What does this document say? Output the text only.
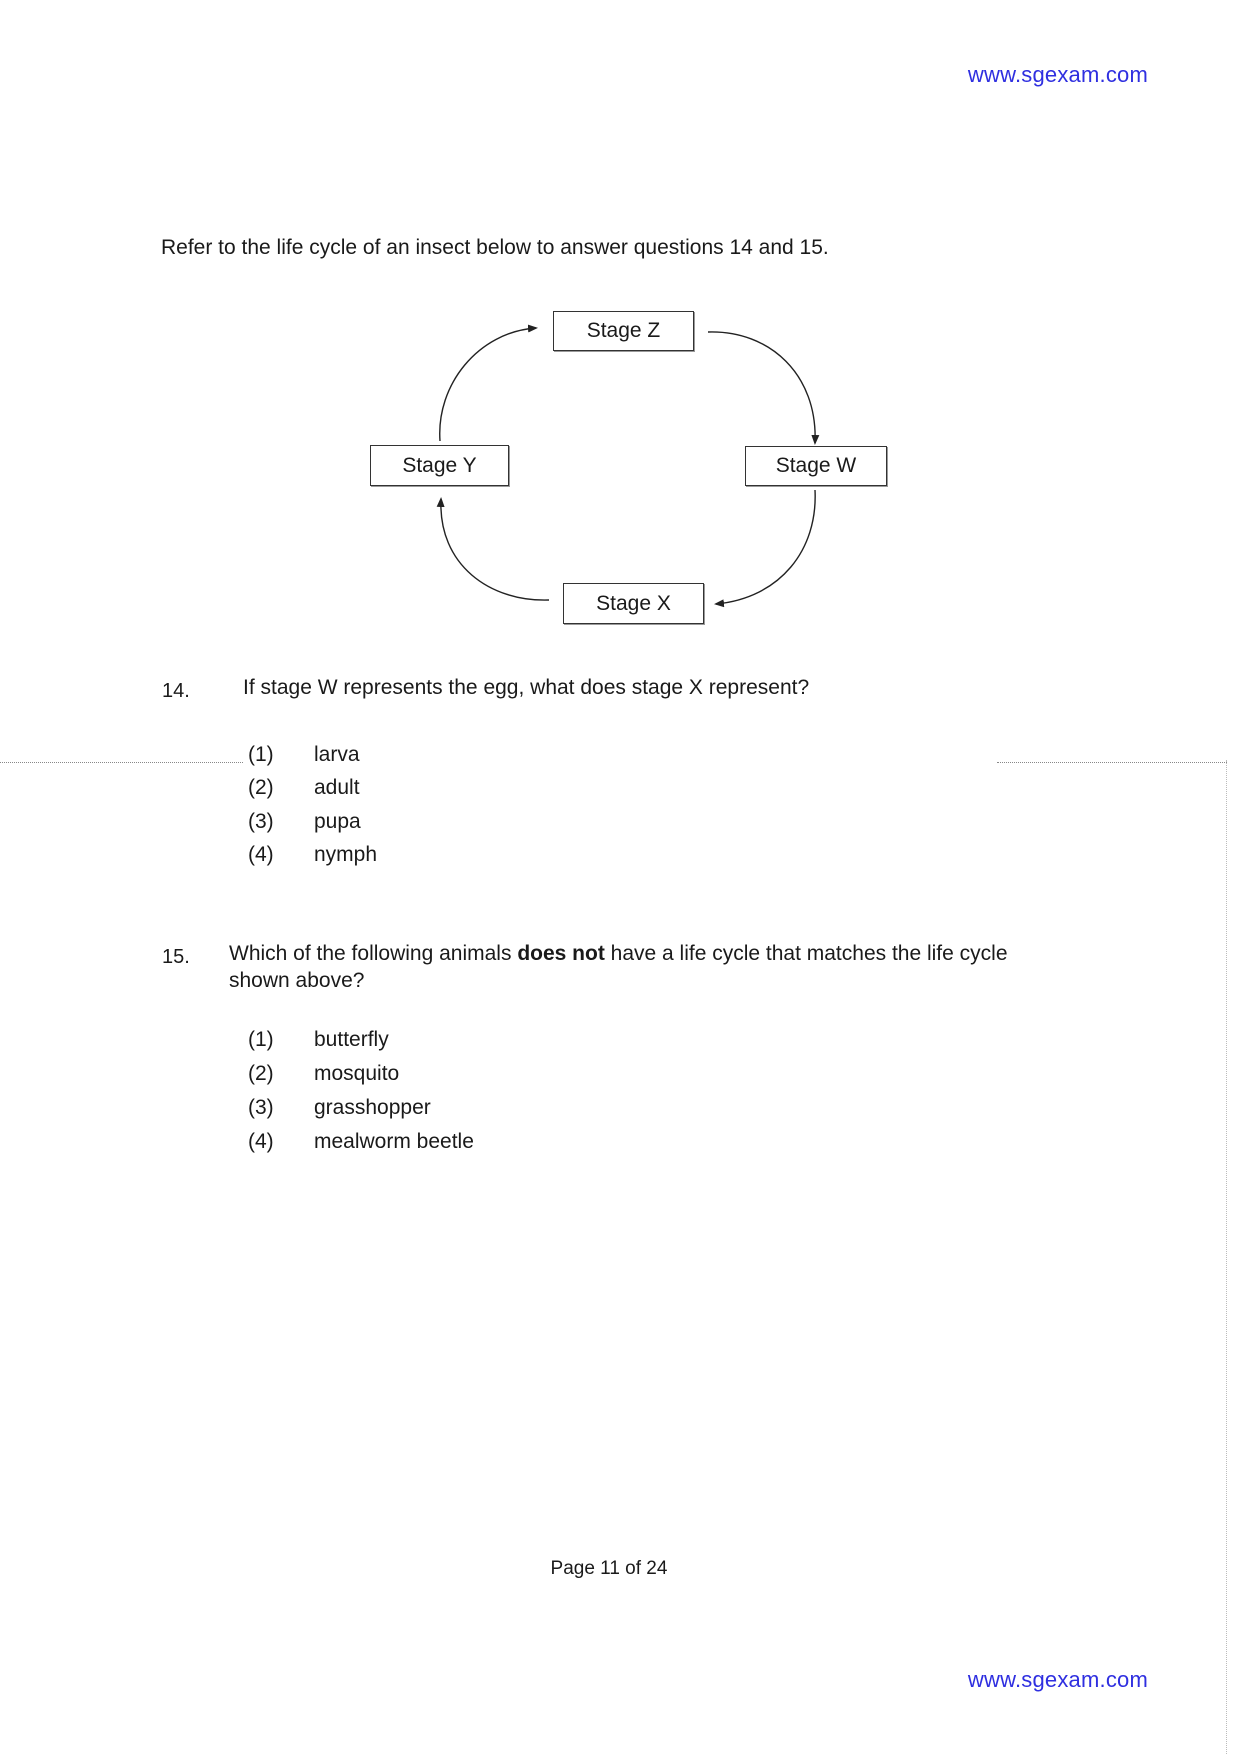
www.sgexam.com
Refer to the life cycle of an insect below to answer questions 14 and 15.
Stage Z
Stage W
Stage Y
Stage X
14.	If stage W represents the egg, what does stage X represent?
(1)	larva
(2)	adult
(3)	pupa
(4)	nymph
15. Which of the following animals does not have a life cycle that matches the life cycle
shown above?
(1)	butterfly
(2)	mosquito
(3)	grasshopper
(4)	mealworm beetle
Page 11 of 24
www.sgexam.com
